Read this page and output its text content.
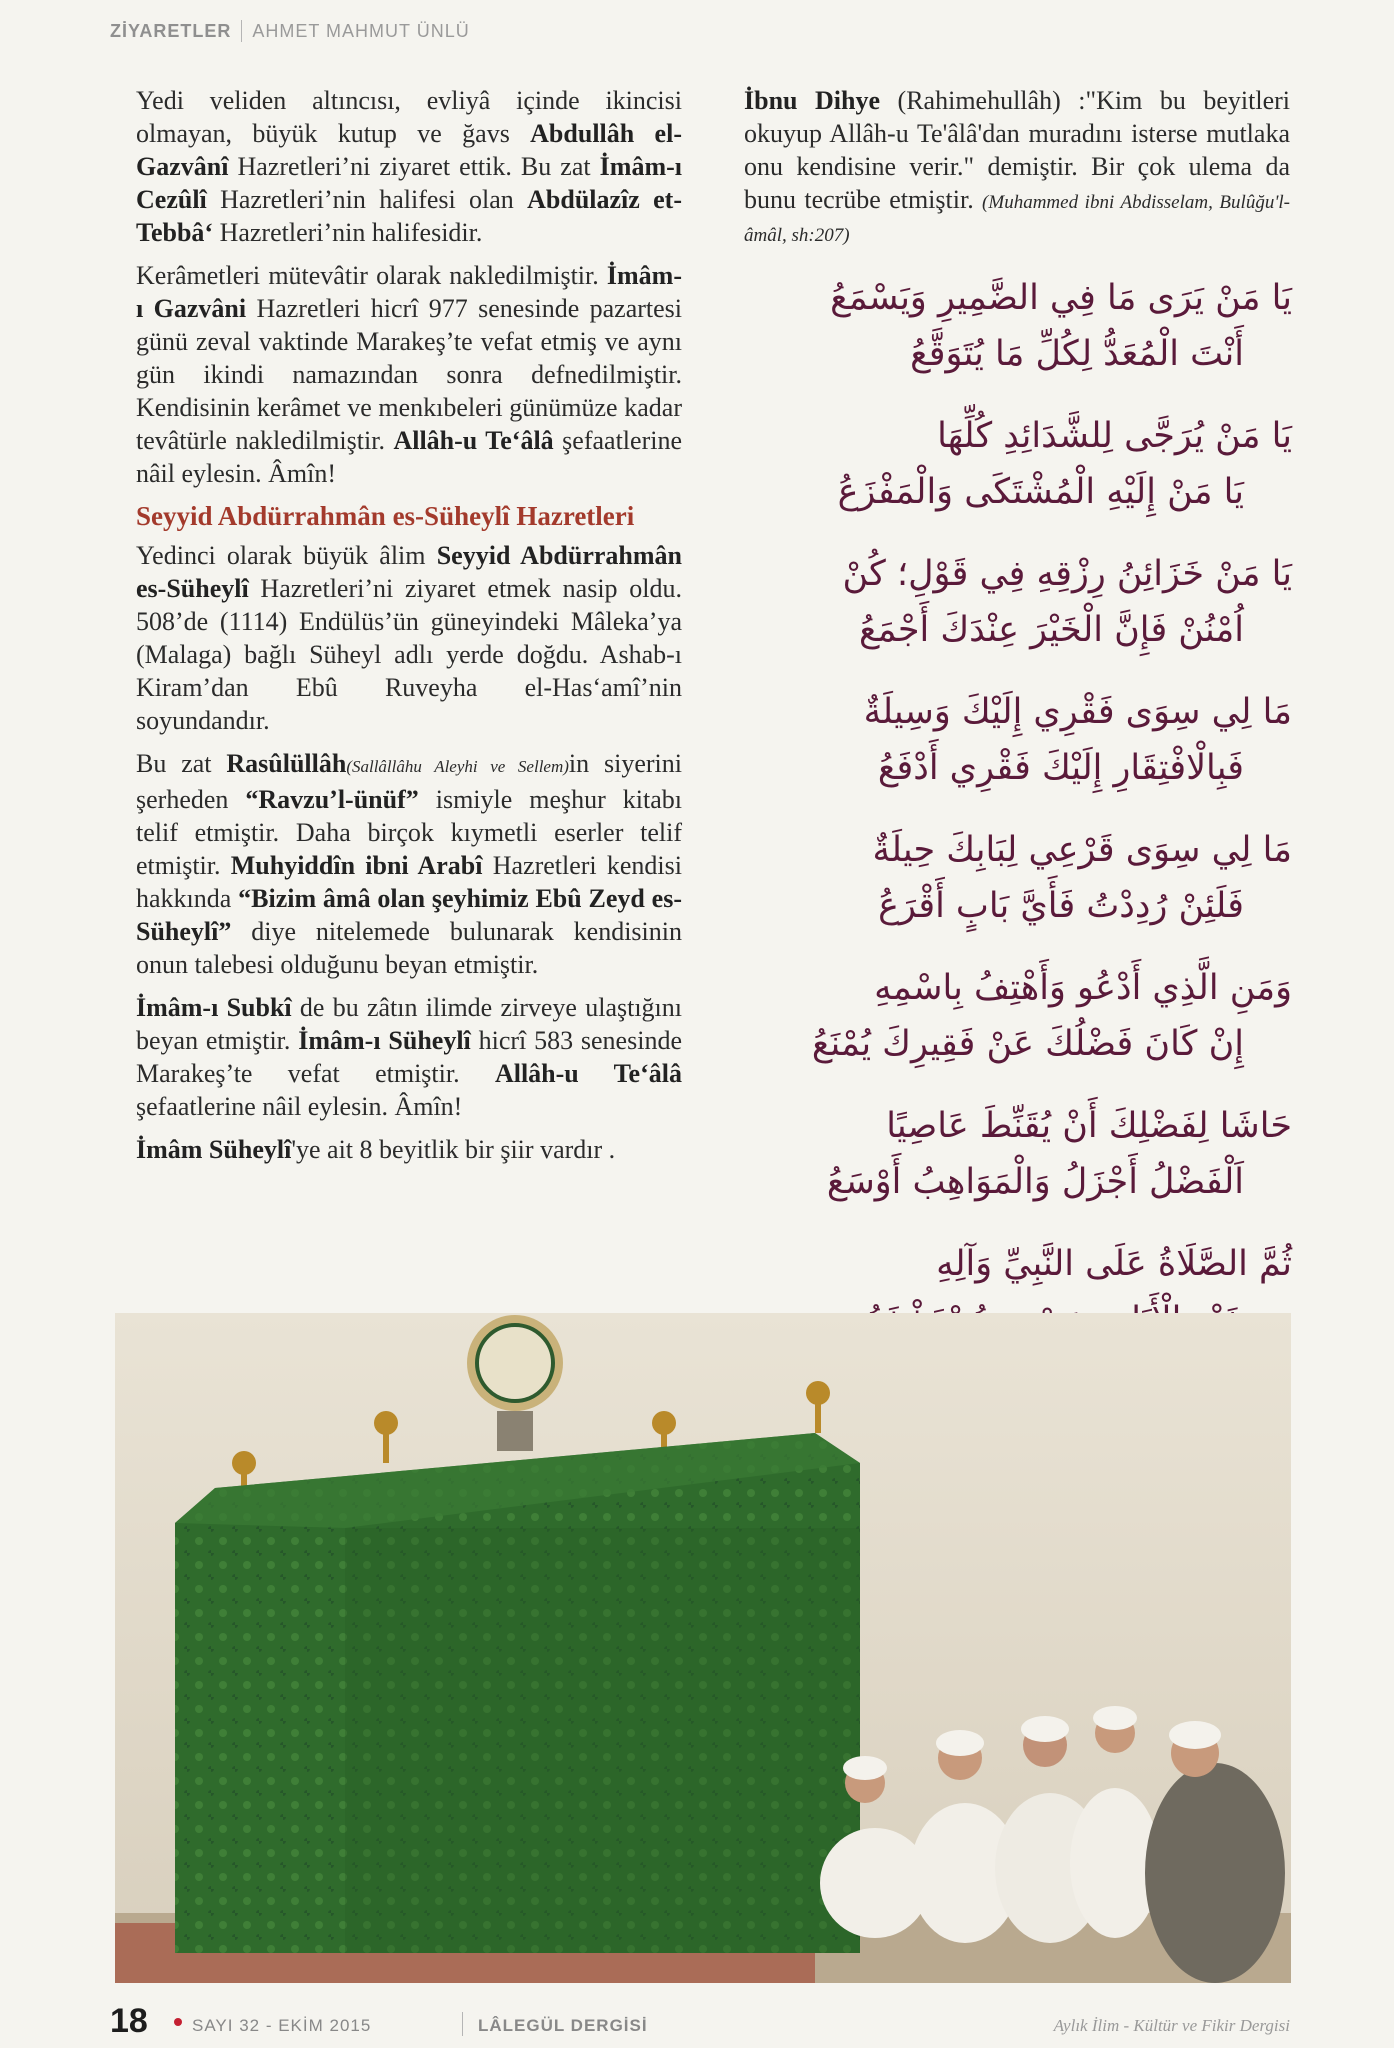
ZİYARETLER AHMET MAHMUT ÜNLÜ

Yedi veliden altıncısı, evliyâ içinde ikincisi olmayan, büyük kutup ve ğavs Abdullâh el-Gazvânî Hazretleri’ni ziyaret ettik. Bu zat İmâm-ı Cezûlî Hazretleri’nin halifesi olan Abdülazîz et-Tebbâ‘ Hazretleri’nin halifesidir.

Kerâmetleri mütevâtir olarak nakledilmiştir. İmâm-ı Gazvâni Hazretleri hicrî 977 senesinde pazartesi günü zeval vaktinde Marakeş’te vefat etmiş ve aynı gün ikindi namazından sonra defnedilmiştir. Kendisinin kerâmet ve menkıbeleri günümüze kadar tevâtürle nakledilmiştir. Allâh-u Te‘âlâ şefaatlerine nâil eylesin. Âmîn!

Seyyid Abdürrahmân es-Süheylî Hazretleri

Yedinci olarak büyük âlim Seyyid Abdürrahmân es-Süheylî Hazretleri’ni ziyaret etmek nasip oldu. 508’de (1114) Endülüs’ün güneyindeki Mâleka’ya (Malaga) bağlı Süheyl adlı yerde doğdu. Ashab-ı Kiram’dan Ebû Ruveyha el-Has‘amî’nin soyundandır.

Bu zat Rasûlüllâh(Sallâllâhu Aleyhi ve Sellem)in siyerini şerheden “Ravzu’l-ünüf” ismiyle meşhur kitabı telif etmiştir. Daha birçok kıymetli eserler telif etmiştir. Muhyiddîn ibni Arabî Hazretleri kendisi hakkında “Bizim âmâ olan şeyhimiz Ebû Zeyd es-Süheylî” diye nitelemede bulunarak kendisinin onun talebesi olduğunu beyan etmiştir.

İmâm-ı Subkî de bu zâtın ilimde zirveye ulaştığını beyan etmiştir. İmâm-ı Süheylî hicrî 583 senesinde Marakeş’te vefat etmiştir. Allâh-u Te‘âlâ şefaatlerine nâil eylesin. Âmîn!

İmâm Süheylî'ye ait 8 beyitlik bir şiir vardır .

İbnu Dihye (Rahimehullâh) :"Kim bu beyitleri okuyup Allâh-u Te'âlâ'dan muradını isterse mutlaka onu kendisine verir." demiştir. Bir çok ulema da bunu tecrübe etmiştir. (Muhammed ibni Abdisselam, Bulûğu'l-âmâl, sh:207)

يَا مَنْ يَرَى مَا فِي الضَّمِيرِ وَيَسْمَعُ
أَنْتَ الْمُعَدُّ لِكُلِّ مَا يُتَوَقَّعُ
يَا مَنْ يُرَجَّى لِلشَّدَائِدِ كُلِّهَا
يَا مَنْ إِلَيْهِ الْمُشْتَكَى وَالْمَفْزَعُ
يَا مَنْ خَزَائِنُ رِزْقِهِ فِي قَوْلِ؛ كُنْ
اُمْنُنْ فَإِنَّ الْخَيْرَ عِنْدَكَ أَجْمَعُ
مَا لِي سِوَى فَقْرِي إِلَيْكَ وَسِيلَةٌ
فَبِالْافْتِقَارِ إِلَيْكَ فَقْرِي أَدْفَعُ
مَا لِي سِوَى قَرْعِي لِبَابِكَ حِيلَةٌ
فَلَئِنْ رُدِدْتُ فَأَيَّ بَابٍ أَقْرَعُ
وَمَنِ الَّذِي أَدْعُو وَأَهْتِفُ بِاسْمِهِ
إِنْ كَانَ فَضْلُكَ عَنْ فَقِيرِكَ يُمْنَعُ
حَاشَا لِفَضْلِكَ أَنْ يُقَنِّطَ عَاصِيًا
اَلْفَضْلُ أَجْزَلُ وَالْمَوَاهِبُ أَوْسَعُ
ثُمَّ الصَّلَاةُ عَلَى النَّبِيِّ وَآلِهِ
18	SAYI 32 - EKİM 2015	LÂLEGÜL DERGİSİ	Aylık İlim - Kültür ve Fikir Dergisi
